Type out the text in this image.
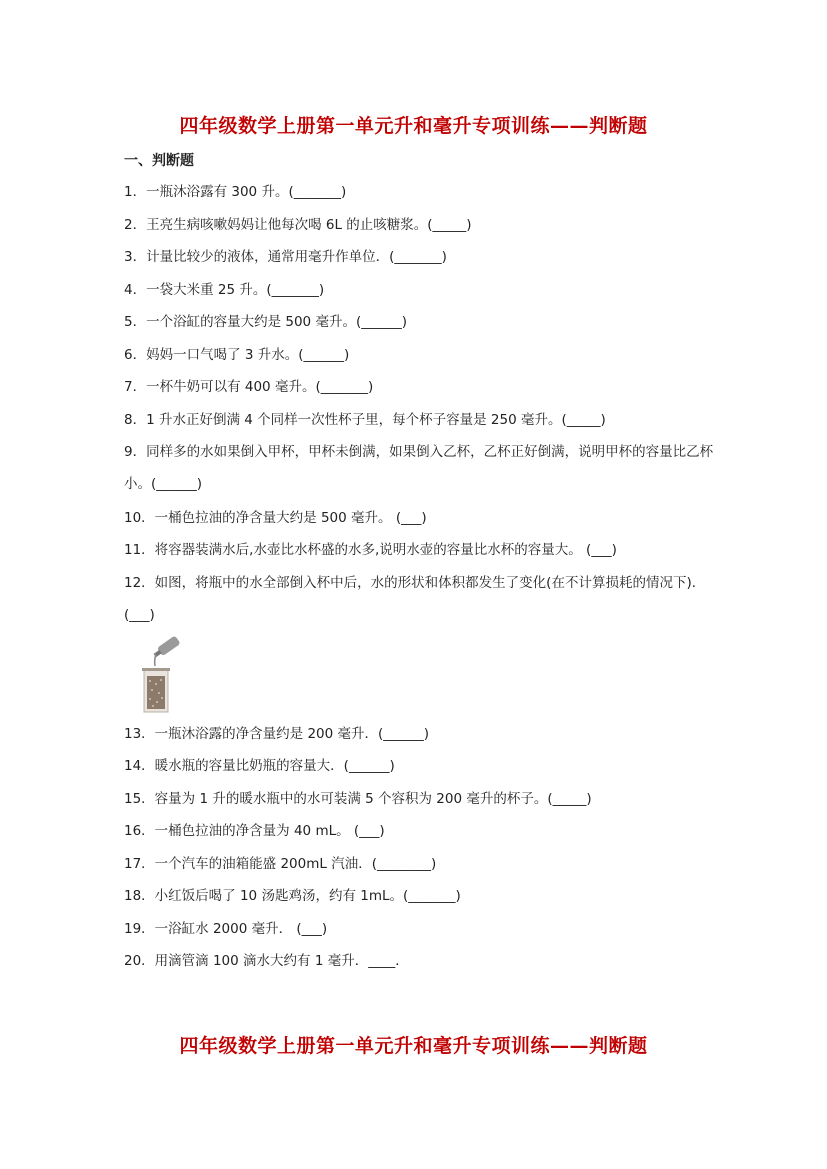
四年级数学上册第一单元升和毫升专项训练——判断题
一、判断题
1．一瓶沐浴露有 300 升。(_______)
2．王亮生病咳嗽妈妈让他每次喝 6L 的止咳糖浆。(_____)
3．计量比较少的液体，通常用毫升作单位．(_______)
4．一袋大米重 25 升。(_______)
5．一个浴缸的容量大约是 500 毫升。(______)
6．妈妈一口气喝了 3 升水。(______)
7．一杯牛奶可以有 400 毫升。(_______)
8．1 升水正好倒满 4 个同样一次性杯子里，每个杯子容量是 250 毫升。(_____)
9．同样多的水如果倒入甲杯，甲杯未倒满，如果倒入乙杯，乙杯正好倒满，说明甲杯的容量比乙杯小。(______)
10．一桶色拉油的净含量大约是 500 毫升。 (___)
11．将容器装满水后,水壶比水杯盛的水多,说明水壶的容量比水杯的容量大。 (___)
12．如图，将瓶中的水全部倒入杯中后，水的形状和体积都发生了变化(在不计算损耗的情况下)．(___)
13．一瓶沐浴露的净含量约是 200 毫升．(______)
14．暖水瓶的容量比奶瓶的容量大．(______)
15．容量为 1 升的暖水瓶中的水可装满 5 个容积为 200 毫升的杯子。(_____)
16．一桶色拉油的净含量为 40 mL。 (___)
17．一个汽车的油箱能盛 200mL 汽油．(________)
18．小红饭后喝了 10 汤匙鸡汤，约有 1mL。(_______)
19．一浴缸水 2000 毫升． (___)
20．用滴管滴 100 滴水大约有 1 毫升．____．
四年级数学上册第一单元升和毫升专项训练——判断题
